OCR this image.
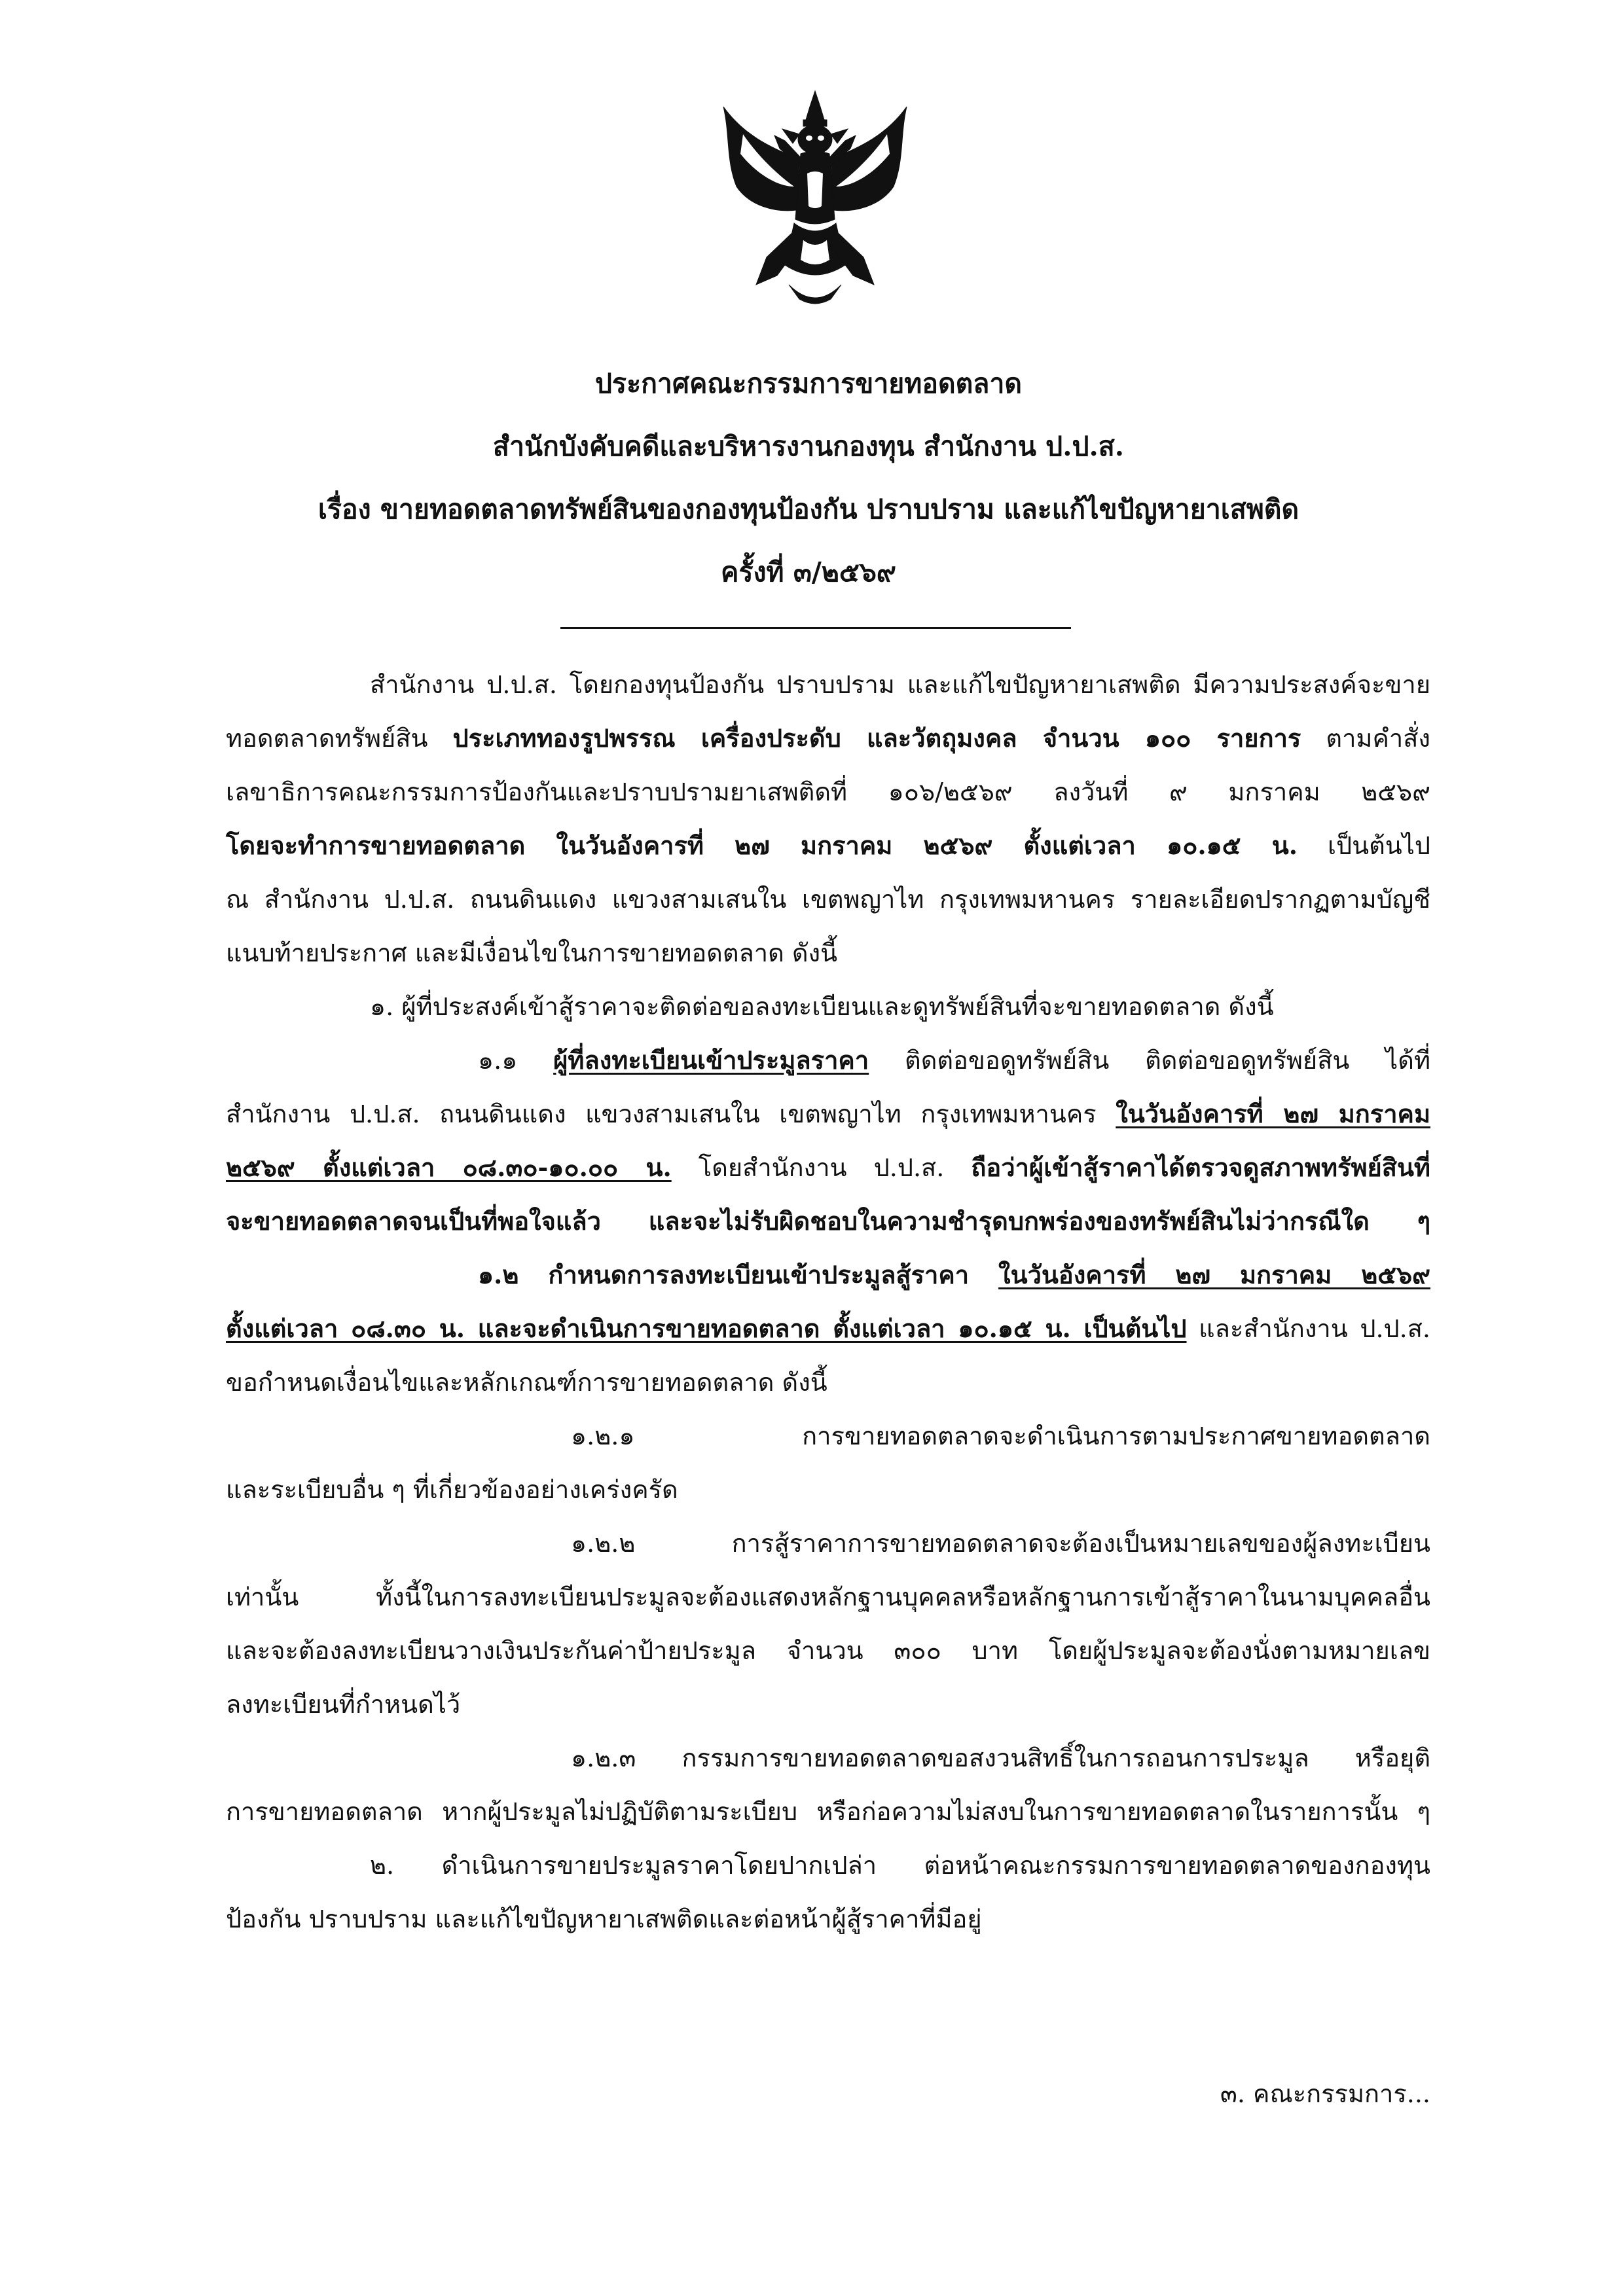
ประกาศคณะกรรมการขายทอดตลาด
สำนักบังคับคดีและบริหารงานกองทุน สำนักงาน ป.ป.ส.
เรื่อง ขายทอดตลาดทรัพย์สินของกองทุนป้องกัน ปราบปราม และแก้ไขปัญหายาเสพติด
ครั้งที่ ๓/๒๕๖๙
สำนักงาน ป.ป.ส. โดยกองทุนป้องกัน ปราบปราม และแก้ไขปัญหายาเสพติด มีความประสงค์จะขาย
ทอดตลาดทรัพย์สิน ประเภททองรูปพรรณ เครื่องประดับ และวัตถุมงคล จำนวน ๑๐๐ รายการ ตามคำสั่ง
เลขาธิการคณะกรรมการป้องกันและปราบปรามยาเสพติดที่ ๑๐๖/๒๕๖๙ ลงวันที่ ๙ มกราคม ๒๕๖๙
โดยจะทำการขายทอดตลาด ในวันอังคารที่ ๒๗ มกราคม ๒๕๖๙ ตั้งแต่เวลา ๑๐.๑๕ น. เป็นต้นไป
ณ สำนักงาน ป.ป.ส. ถนนดินแดง แขวงสามเสนใน เขตพญาไท กรุงเทพมหานคร รายละเอียดปรากฏตามบัญชี
แนบท้ายประกาศ และมีเงื่อนไขในการขายทอดตลาด ดังนี้
๑. ผู้ที่ประสงค์เข้าสู้ราคาจะติดต่อขอลงทะเบียนและดูทรัพย์สินที่จะขายทอดตลาด ดังนี้
๑.๑ ผู้ที่ลงทะเบียนเข้าประมูลราคา ติดต่อขอดูทรัพย์สิน ติดต่อขอดูทรัพย์สิน ได้ที่
สำนักงาน ป.ป.ส. ถนนดินแดง แขวงสามเสนใน เขตพญาไท กรุงเทพมหานคร ในวันอังคารที่ ๒๗ มกราคม
๒๕๖๙ ตั้งแต่เวลา ๐๘.๓๐-๑๐.๐๐ น. โดยสำนักงาน ป.ป.ส. ถือว่าผู้เข้าสู้ราคาได้ตรวจดูสภาพทรัพย์สินที่
จะขายทอดตลาดจนเป็นที่พอใจแล้ว และจะไม่รับผิดชอบในความชำรุดบกพร่องของทรัพย์สินไม่ว่ากรณีใด ๆ
๑.๒ กำหนดการลงทะเบียนเข้าประมูลสู้ราคา ในวันอังคารที่ ๒๗ มกราคม ๒๕๖๙
ตั้งแต่เวลา ๐๘.๓๐ น. และจะดำเนินการขายทอดตลาด ตั้งแต่เวลา ๑๐.๑๕ น. เป็นต้นไป และสำนักงาน ป.ป.ส.
ขอกำหนดเงื่อนไขและหลักเกณฑ์การขายทอดตลาด ดังนี้
๑.๒.๑ การขายทอดตลาดจะดำเนินการตามประกาศขายทอดตลาด
และระเบียบอื่น ๆ ที่เกี่ยวข้องอย่างเคร่งครัด
๑.๒.๒ การสู้ราคาการขายทอดตลาดจะต้องเป็นหมายเลขของผู้ลงทะเบียน
เท่านั้น ทั้งนี้ในการลงทะเบียนประมูลจะต้องแสดงหลักฐานบุคคลหรือหลักฐานการเข้าสู้ราคาในนามบุคคลอื่น
และจะต้องลงทะเบียนวางเงินประกันค่าป้ายประมูล จำนวน ๓๐๐ บาท โดยผู้ประมูลจะต้องนั่งตามหมายเลข
ลงทะเบียนที่กำหนดไว้
๑.๒.๓ กรรมการขายทอดตลาดขอสงวนสิทธิ์ในการถอนการประมูล หรือยุติ
การขายทอดตลาด หากผู้ประมูลไม่ปฏิบัติตามระเบียบ หรือก่อความไม่สงบในการขายทอดตลาดในรายการนั้น ๆ
๒. ดำเนินการขายประมูลราคาโดยปากเปล่า ต่อหน้าคณะกรรมการขายทอดตลาดของกองทุน
ป้องกัน ปราบปราม และแก้ไขปัญหายาเสพติดและต่อหน้าผู้สู้ราคาที่มีอยู่
๓. คณะกรรมการ...
